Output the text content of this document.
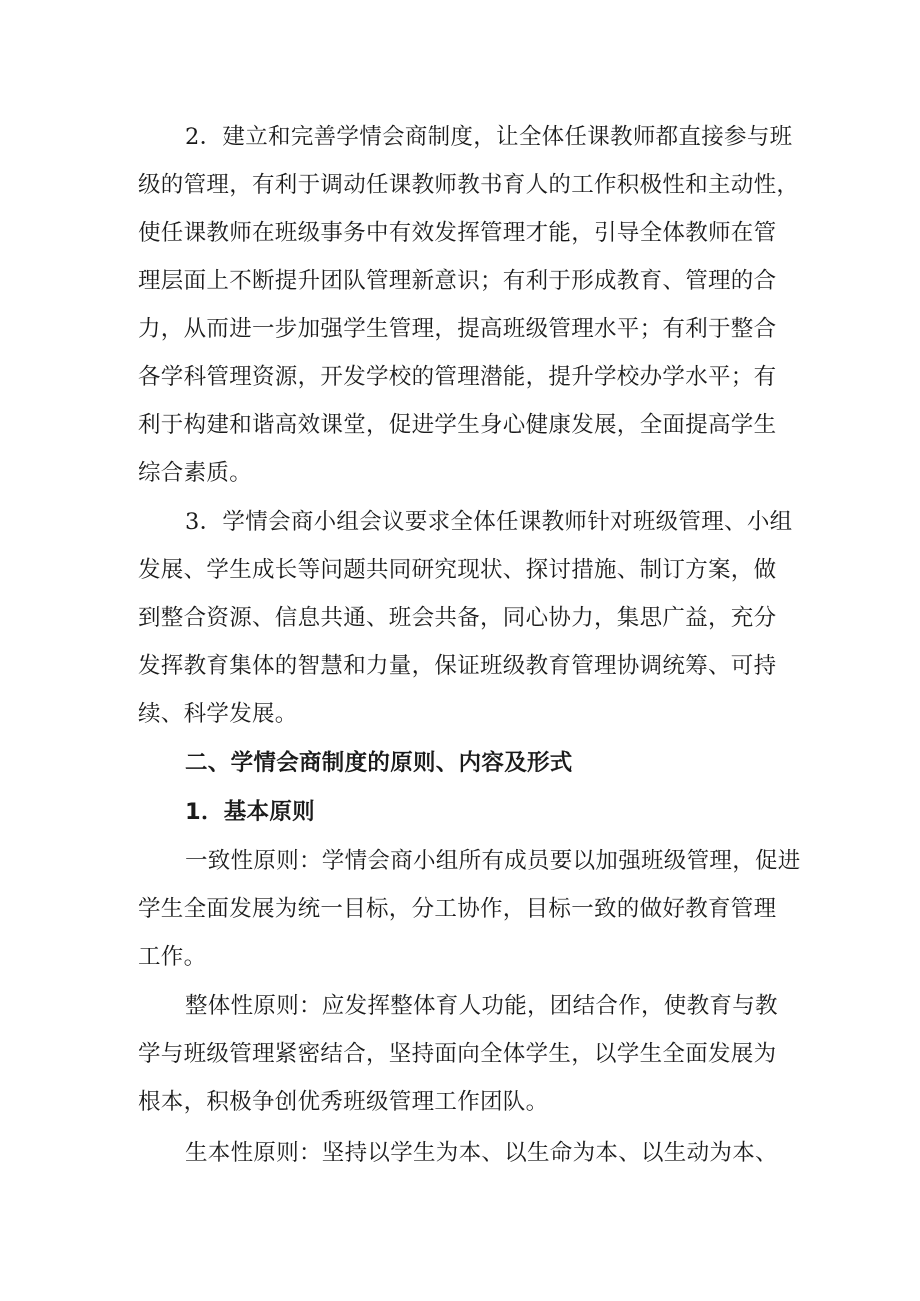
2．建立和完善学情会商制度，让全体任课教师都直接参与班
级的管理，有利于调动任课教师教书育人的工作积极性和主动性，
使任课教师在班级事务中有效发挥管理才能，引导全体教师在管
理层面上不断提升团队管理新意识；有利于形成教育、管理的合
力，从而进一步加强学生管理，提高班级管理水平；有利于整合
各学科管理资源，开发学校的管理潜能，提升学校办学水平；有
利于构建和谐高效课堂，促进学生身心健康发展，全面提高学生
综合素质。
3．学情会商小组会议要求全体任课教师针对班级管理、小组
发展、学生成长等问题共同研究现状、探讨措施、制订方案，做
到整合资源、信息共通、班会共备，同心协力，集思广益，充分
发挥教育集体的智慧和力量，保证班级教育管理协调统筹、可持
续、科学发展。
二、学情会商制度的原则、内容及形式
1．基本原则
一致性原则：学情会商小组所有成员要以加强班级管理，促进
学生全面发展为统一目标，分工协作，目标一致的做好教育管理
工作。
整体性原则：应发挥整体育人功能，团结合作，使教育与教
学与班级管理紧密结合，坚持面向全体学生，以学生全面发展为
根本，积极争创优秀班级管理工作团队。
生本性原则：坚持以学生为本、以生命为本、以生动为本、
